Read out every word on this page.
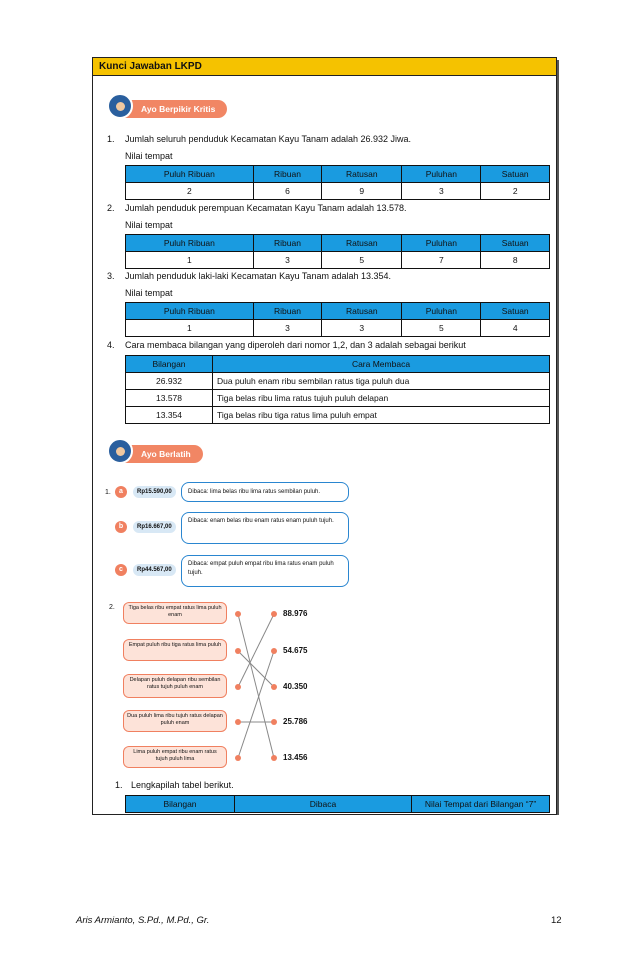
Kunci Jawaban LKPD
Ayo Berpikir Kritis
1. Jumlah seluruh penduduk Kecamatan Kayu Tanam adalah 26.932 Jiwa.
Nilai tempat
Puluh Ribuan	Ribuan	Ratusan	Puluhan	Satuan
2	6	9	3	2
2. Jumlah penduduk perempuan Kecamatan Kayu Tanam adalah 13.578.
Nilai tempat
Puluh Ribuan	Ribuan	Ratusan	Puluhan	Satuan
1	3	5	7	8
3. Jumlah penduduk laki-laki Kecamatan Kayu Tanam adalah 13.354.
Nilai tempat
Puluh Ribuan	Ribuan	Ratusan	Puluhan	Satuan
1	3	3	5	4
4. Cara membaca bilangan yang diperoleh dari nomor 1,2, dan 3 adalah sebagai berikut
Bilangan	Cara Membaca
26.932	Dua puluh enam ribu sembilan ratus tiga puluh dua
13.578	Tiga belas ribu lima ratus tujuh puluh delapan
13.354	Tiga belas ribu tiga ratus lima puluh empat
Ayo Berlatih
1.	a	Rp15.590,00	Dibaca: lima belas ribu lima ratus sembilan puluh.
b	Rp16.667,00
Dibaca: enam belas ribu enam ratus enam puluh tujuh.
c	Rp44.567,00
Dibaca: empat puluh empat ribu lima ratus enam puluh tujuh.
2.	Tiga belas ribu empat ratus lima puluh enam
Empat puluh ribu tiga ratus lima puluh
Delapan puluh delapan ribu sembilan ratus tujuh puluh enam
Dua puluh lima ribu tujuh ratus delapan puluh enam
Lima puluh empat ribu enam ratus tujuh puluh lima
88.976
54.675
40.350
25.786
13.456
1. Lengkapilah tabel berikut.
Bilangan	Dibaca	Nilai Tempat dari Bilangan “7”
Aris Armianto, S.Pd., M.Pd., Gr.	12
